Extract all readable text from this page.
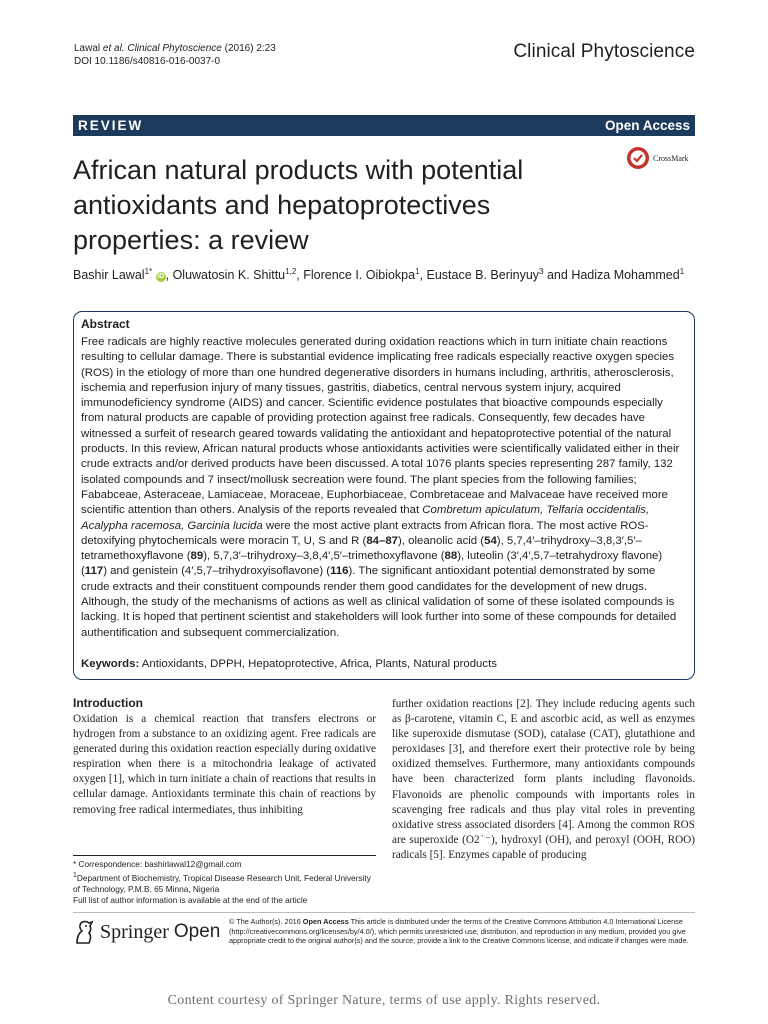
Lawal et al. Clinical Phytoscience (2016) 2:23
DOI 10.1186/s40816-016-0037-0	Clinical Phytoscience
REVIEW	Open Access
African natural products with potential antioxidants and hepatoprotectives properties: a review
CrossMark
Bashir Lawal$^{1*}$ iD , Oluwatosin K. Shittu$^{1,2}$, Florence I. Oibiokpa$^1$, Eustace B. Berinyuy$^3$ and Hadiza Mohammed$^1$
Abstract
Free radicals are highly reactive molecules generated during oxidation reactions which in turn initiate chain reactions resulting to cellular damage. There is substantial evidence implicating free radicals especially reactive oxygen species (ROS) in the etiology of more than one hundred degenerative disorders in humans including, arthritis, atherosclerosis, ischemia and reperfusion injury of many tissues, gastritis, diabetics, central nervous system injury, acquired immunodeficiency syndrome (AIDS) and cancer. Scientific evidence postulates that bioactive compounds especially from natural products are capable of providing protection against free radicals. Consequently, few decades have witnessed a surfeit of research geared towards validating the antioxidant and hepatoprotective potential of the natural products. In this review, African natural products whose antioxidants activities were scientifically validated either in their crude extracts and/or derived products have been discussed. A total 1076 plants species representing 287 family, 132 isolated compounds and 7 insect/mollusk secreation were found. The plant species from the following families; Fababceae, Asteraceae, Lamiaceae, Moraceae, Euphorbiaceae, Combretaceae and Malvaceae have received more scientific attention than others. Analysis of the reports revealed that Combretum apiculatum, Telfaria occidentalis, Acalypha racemosa, Garcinia lucida were the most active plant extracts from African flora. The most active ROS-detoxifying phytochemicals were moracin T, U, S and R (84–87), oleanolic acid (54), 5,7,4′–trihydroxy–3,8,3′,5′–tetramethoxyflavone (89), 5,7,3′–trihydroxy–3,8,4′,5′–trimethoxyflavone (88), luteolin (3′,4′,5,7–tetrahydroxy flavone) (117) and genistein (4′,5,7–trihydroxyisoflavone) (116). The significant antioxidant potential demonstrated by some crude extracts and their constituent compounds render them good candidates for the development of new drugs. Although, the study of the mechanisms of actions as well as clinical validation of some of these isolated compounds is lacking. It is hoped that pertinent scientist and stakeholders will look further into some of these compounds for detailed authentification and subsequent commercialization.
Keywords: Antioxidants, DPPH, Hepatoprotective, Africa, Plants, Natural products
Introduction
Oxidation is a chemical reaction that transfers electrons or hydrogen from a substance to an oxidizing agent. Free radicals are generated during this oxidation reaction especially during oxidative respiration when there is a mitochondria leakage of activated oxygen [1], which in turn initiate a chain of reactions that results in cellular damage. Antioxidants terminate this chain of reactions by removing free radical intermediates, thus inhibiting
further oxidation reactions [2]. They include reducing agents such as β-carotene, vitamin C, E and ascorbic acid, as well as enzymes like superoxide dismutase (SOD), catalase (CAT), glutathione and peroxidases [3], and therefore exert their protective role by being oxidized themselves. Furthermore, many antioxidants compounds have been characterized form plants including flavonoids. Flavonoids are phenolic compounds with importants roles in scavenging free radicals and thus play vital roles in preventing oxidative stress associated disorders [4]. Among the common ROS are superoxide (O2˙⁻), hydroxyl (OH), and peroxyl (OOH, ROO) radicals [5]. Enzymes capable of producing
* Correspondence: bashirlawal12@gmail.com
$^1$Department of Biochemistry, Tropical Disease Research Unit, Federal University of Technology, P.M.B. 65 Minna, Nigeria
Full list of author information is available at the end of the article
Springer Open © The Author(s). 2016 Open Access This article is distributed under the terms of the Creative Commons Attribution 4.0 International License (http://creativecommons.org/licenses/by/4.0/), which permits unrestricted use, distribution, and reproduction in any medium, provided you give appropriate credit to the original author(s) and the source, provide a link to the Creative Commons license, and indicate if changes were made.
Content courtesy of Springer Nature, terms of use apply. Rights reserved.
